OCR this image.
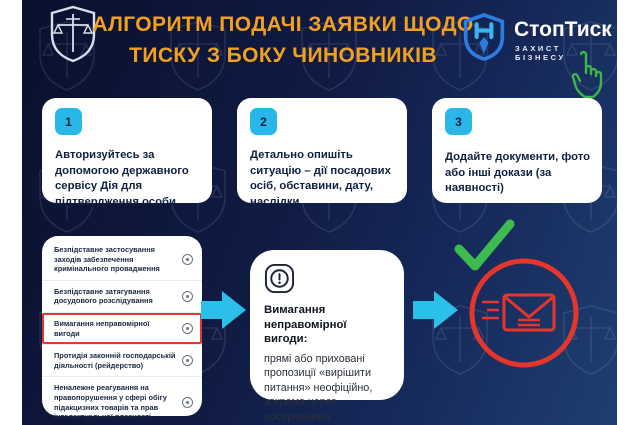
АЛГОРИТМ ПОДАЧІ ЗАЯВКИ ЩОДО
ТИСКУ З БОКУ ЧИНОВНИКІВ
СтопТиск
ЗАХИСТ БІЗНЕСУ
1
Авторизуйтесь за допомогою державного сервісу Дія для підтвердження особи
2
Детально опишіть ситуацію – дії посадових осіб, обставини, дату, наслідки
3
Додайте документи, фото або інші докази (за наявності)
Безпідставне застосування заходів забезпечення кримінального провадження
Безпідставне затягування досудового розслідування
Вимагання неправомірної вигоди
Протидія законній господарській діяльності (рейдерство)
Неналежне реагування на правопорушення у сфері обігу підакцизних товарів та прав інтелектуальної власності
Вимагання неправомірної вигоди:
прямі або приховані пропозиції «вирішити питання» неофіційно, зокрема через посередників
